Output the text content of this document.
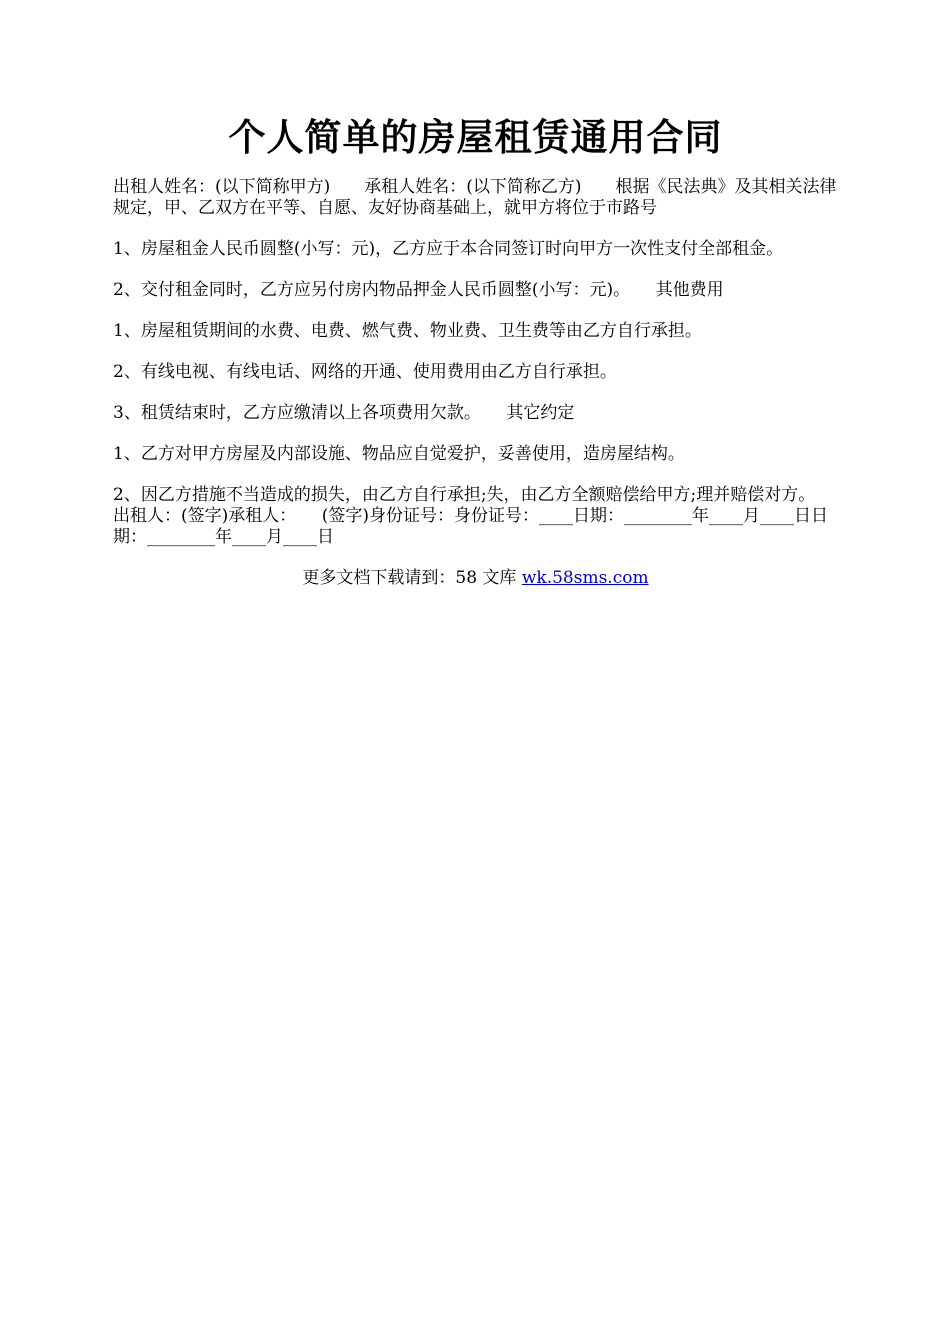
个人简单的房屋租赁通用合同

出租人姓名：(以下简称甲方)　　承租人姓名：(以下简称乙方)　　根据《民法典》及其相关法律规定，甲、乙双方在平等、自愿、友好协商基础上，就甲方将位于市路号

1、房屋租金人民币圆整(小写：元)，乙方应于本合同签订时向甲方一次性支付全部租金。

2、交付租金同时，乙方应另付房内物品押金人民币圆整(小写：元)。　　其他费用

1、房屋租赁期间的水费、电费、燃气费、物业费、卫生费等由乙方自行承担。

2、有线电视、有线电话、网络的开通、使用费用由乙方自行承担。

3、租赁结束时，乙方应缴清以上各项费用欠款。　　其它约定

1、乙方对甲方房屋及内部设施、物品应自觉爱护，妥善使用，造房屋结构。

2、因乙方措施不当造成的损失，由乙方自行承担;失，由乙方全额赔偿给甲方;理并赔偿对方。　　出租人：(签字)承租人：　　(签字)身份证号：身份证号：____日期：________年____月____日日期：________年____月____日

更多文档下载请到：58 文库 wk.58sms.com
